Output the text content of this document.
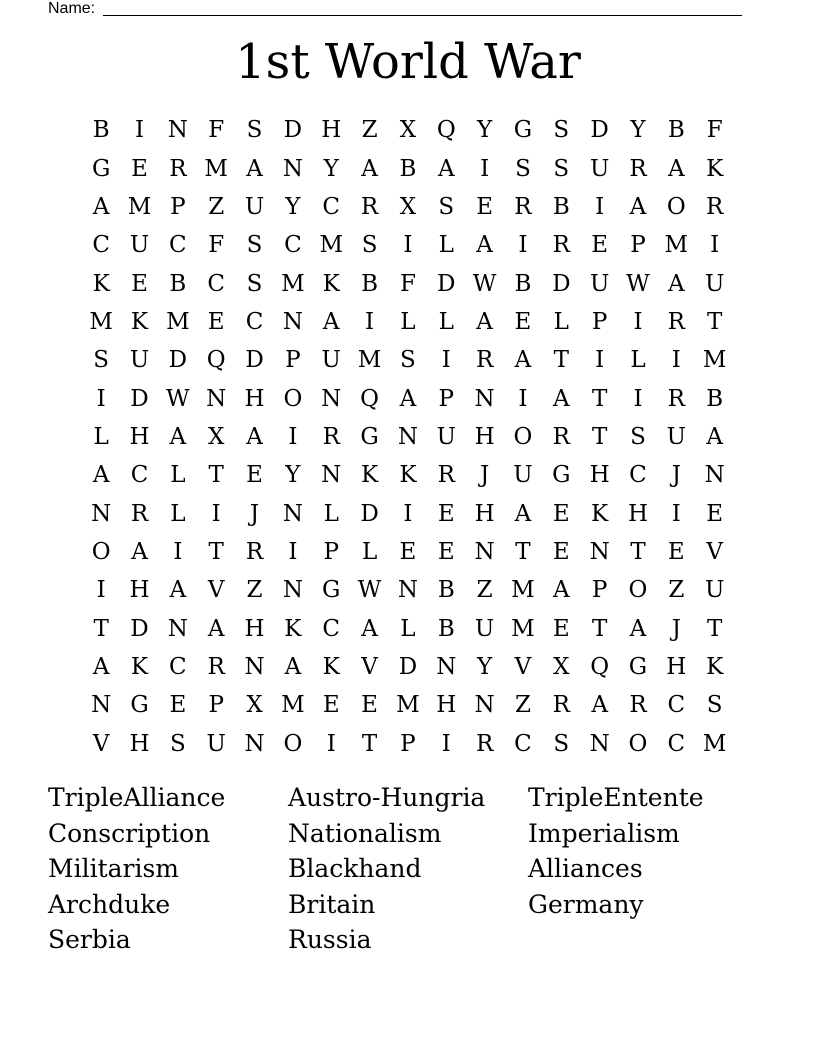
Name:
1st World War
B	I	N F S D H Z X Q Y G S D Y B F
G E R M A N Y A B A	I	S S U R A K
A M P Z U Y C R X S E R B	I	A O R
C U C F S C M S	I	L A	I	R E P M I
K E B C S M K B F D W B D U W A U
M K M E C N A	I	L	L A E L P	I	R T
S U D Q D P U M S	I	R A T	I	L	I M
I	D W N H O N Q A P N	I	A T	I	R B
L H A X A	I	R G N U H O R T S U A
A C L	T E Y N K K R	J	U G H C	J	N
N R L	I	J	N L D	I	E H A E K H	I	E
O A	I	T R	I	P L E E N T E N T E V
I	H A V Z N G W N B Z M A P O Z U
T D N A H K C A L B U M E T A	J	T
A K C R N A K V D N Y V X Q G H K
N G E P X M E E M H N Z R A R C S
V H S U N O	I	T P	I	R C S N O C M
TripleAlliance	Austro-Hungria	TripleEntente
Conscription	Nationalism	Imperialism
Militarism	Blackhand	Alliances
Archduke	Britain	Germany
Serbia	Russia
